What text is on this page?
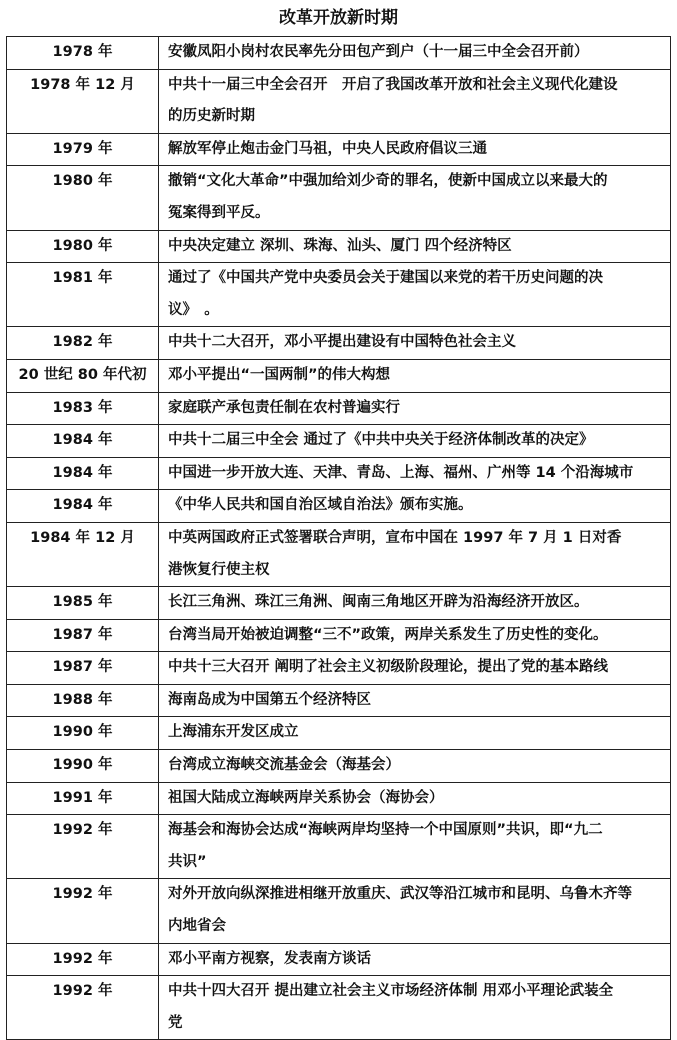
改革开放新时期
1978 年	安徽凤阳小岗村农民率先分田包产到户（十一届三中全会召开前）

1978 年 12 月	中共十一届三中全会召开　开启了我国改革开放和社会主义现代化建设
的历史新时期

1979 年	解放军停止炮击金门马祖，中央人民政府倡议三通

1980 年	撤销“文化大革命”中强加给刘少奇的罪名，使新中国成立以来最大的
冤案得到平反。

1980 年	中央决定建立 深圳、珠海、汕头、厦门 四个经济特区

1981 年	通过了《中国共产党中央委员会关于建国以来党的若干历史问题的决
议》　。

1982 年	中共十二大召开，邓小平提出建设有中国特色社会主义

20 世纪 80 年代初	邓小平提出“一国两制”的伟大构想

1983 年	家庭联产承包责任制在农村普遍实行

1984 年	中共十二届三中全会 通过了《中共中央关于经济体制改革的决定》

1984 年	中国进一步开放大连、天津、青岛、上海、福州、广州等 14 个沿海城市

1984 年	《中华人民共和国自治区域自治法》颁布实施。

1984 年 12 月	中英两国政府正式签署联合声明，宣布中国在 1997 年 7 月 1 日对香
港恢复行使主权

1985 年	长江三角洲、珠江三角洲、闽南三角地区开辟为沿海经济开放区。

1987 年	台湾当局开始被迫调整“三不”政策，两岸关系发生了历史性的变化。

1987 年	中共十三大召开 阐明了社会主义初级阶段理论，提出了党的基本路线

1988 年	海南岛成为中国第五个经济特区

1990 年	上海浦东开发区成立

1990 年	台湾成立海峡交流基金会（海基会）

1991 年	祖国大陆成立海峡两岸关系协会（海协会）

1992 年	海基会和海协会达成“海峡两岸均坚持一个中国原则”共识，即“九二
共识”

1992 年	对外开放向纵深推进相继开放重庆、武汉等沿江城市和昆明、乌鲁木齐等
内地省会

1992 年	邓小平南方视察，发表南方谈话

1992 年	中共十四大召开 提出建立社会主义市场经济体制 用邓小平理论武装全
党
